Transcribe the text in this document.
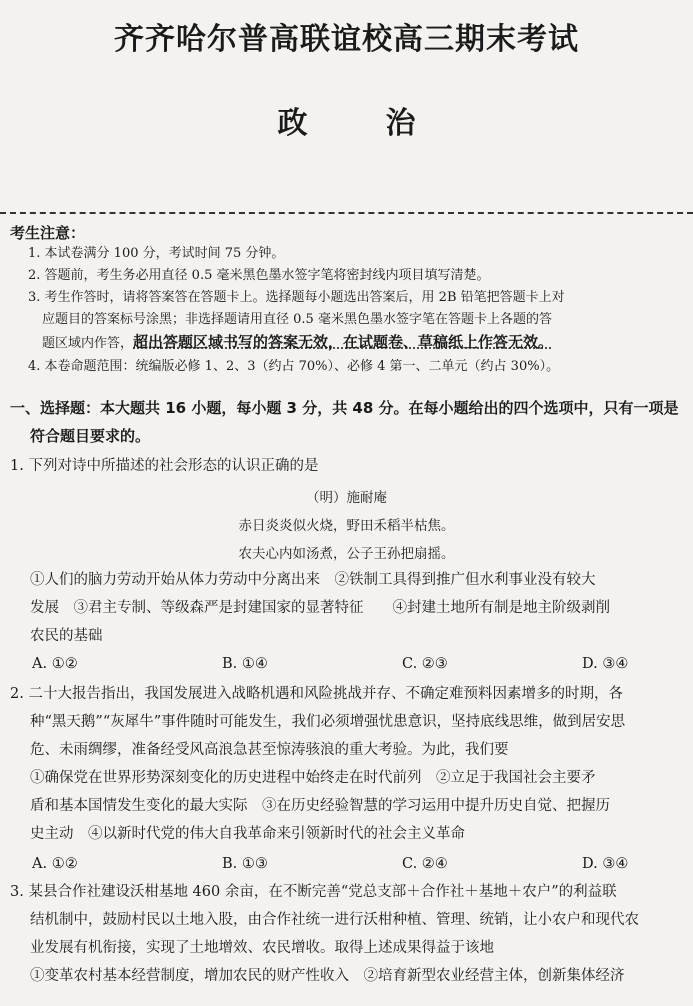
齐齐哈尔普高联谊校高三期末考试
政	治
考生注意：
1. 本试卷满分 100 分，考试时间 75 分钟。
2. 答题前，考生务必用直径 0.5 毫米黑色墨水签字笔将密封线内项目填写清楚。
3. 考生作答时，请将答案答在答题卡上。选择题每小题选出答案后，用 2B 铅笔把答题卡上对
应题目的答案标号涂黑；非选择题请用直径 0.5 毫米黑色墨水签字笔在答题卡上各题的答
题区域内作答，超出答题区域书写的答案无效，在试题卷、草稿纸上作答无效。
4. 本卷命题范围：统编版必修 1、2、3（约占 70%）、必修 4 第一、二单元（约占 30%）。
一、选择题：本大题共 16 小题，每小题 3 分，共 48 分。在每小题给出的四个选项中，只有一项是
符合题目要求的。
1. 下列对诗中所描述的社会形态的认识正确的是
（明）施耐庵
赤日炎炎似火烧，野田禾稻半枯焦。
农夫心内如汤煮，公子王孙把扇摇。
①人们的脑力劳动开始从体力劳动中分离出来　②铁制工具得到推广但水利事业没有较大
发展　③君主专制、等级森严是封建国家的显著特征　　④封建土地所有制是地主阶级剥削
农民的基础
A. ①②	B. ①④	C. ②③	D. ③④
2. 二十大报告指出，我国发展进入战略机遇和风险挑战并存、不确定难预料因素增多的时期，各
种“黑天鹅”“灰犀牛”事件随时可能发生，我们必须增强忧患意识，坚持底线思维，做到居安思
危、未雨绸缪，准备经受风高浪急甚至惊涛骇浪的重大考验。为此，我们要
①确保党在世界形势深刻变化的历史进程中始终走在时代前列　②立足于我国社会主要矛
盾和基本国情发生变化的最大实际　③在历史经验智慧的学习运用中提升历史自觉、把握历
史主动　④以新时代党的伟大自我革命来引领新时代的社会主义革命
A. ①②	B. ①③	C. ②④	D. ③④
3. 某县合作社建设沃柑基地 460 余亩，在不断完善“党总支部＋合作社＋基地＋农户”的利益联
结机制中，鼓励村民以土地入股，由合作社统一进行沃柑种植、管理、统销，让小农户和现代农
业发展有机衔接，实现了土地增效、农民增收。取得上述成果得益于该地
①变革农村基本经营制度，增加农民的财产性收入　②培育新型农业经营主体，创新集体经济
